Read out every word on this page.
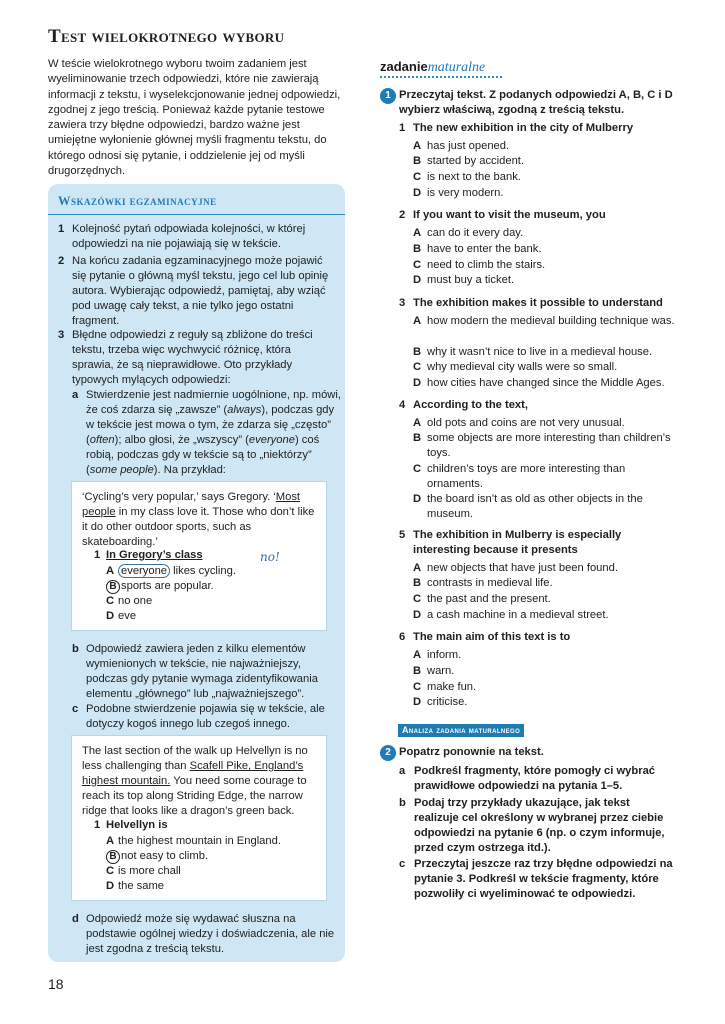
Test wielokrotnego wyboru

W teście wielokrotnego wyboru twoim zadaniem jest wyeliminowanie trzech odpowiedzi, które nie zawierają informacji z tekstu, i wyselekcjonowanie jednej odpowiedzi, zgodnej z jego treścią. Ponieważ każde pytanie testowe zawiera trzy błędne odpowiedzi, bardzo ważne jest umiejętne wyłonienie głównej myśli fragmentu tekstu, do którego odnosi się pytanie, i oddzielenie jej od myśli drugorzędnych.

Wskazówki egzaminacyjne
1 Kolejność pytań odpowiada kolejności, w której odpowiedzi na nie pojawiają się w tekście.
2 Na końcu zadania egzaminacyjnego może pojawić się pytanie o główną myśl tekstu, jego cel lub opinię autora. Wybierając odpowiedź, pamiętaj, aby wziąć pod uwagę cały tekst, a nie tylko jego ostatni fragment.
3 Błędne odpowiedzi z reguły są zbliżone do treści tekstu, trzeba więc wychwycić różnicę, która sprawia, że są nieprawidłowe. Oto przykłady typowych mylących odpowiedzi:
a Stwierdzenie jest nadmiernie uogólnione, np. mówi, że coś zdarza się „zawsze” (always), podczas gdy w tekście jest mowa o tym, że zdarza się „często” (often); albo głosi, że „wszyscy” (everyone) coś robią, podczas gdy w tekście są to „niektórzy” (some people). Na przykład:
‘Cycling’s very popular,’ says Gregory. ‘Most people in my class love it. Those who don’t like it do other outdoor sports, such as skateboarding.’
1 In Gregory’s class	no!
A everyone likes cycling.
B sports are popular.
C no one
D eve
b Odpowiedź zawiera jeden z kilku elementów wymienionych w tekście, nie najważniejszy, podczas gdy pytanie wymaga zidentyfikowania elementu „głównego” lub „najważniejszego”.
c Podobne stwierdzenie pojawia się w tekście, ale dotyczy kogoś innego lub czegoś innego.
The last section of the walk up Helvellyn is no less challenging than Scafell Pike, England’s highest mountain. You need some courage to reach its top along Striding Edge, the narrow ridge that looks like a dragon’s green back.
1 Helvellyn is
A the highest mountain in England.
B not easy to climb.
C is more chall
D the same
d Odpowiedź może się wydawać słuszna na podstawie ogólnej wiedzy i doświadczenia, ale nie jest zgodna z treścią tekstu.
zadaniematuralne
1 Przeczytaj tekst. Z podanych odpowiedzi A, B, C i D wybierz właściwą, zgodną z treścią tekstu.
1 The new exhibition in the city of Mulberry
A has just opened.
B started by accident.
C is next to the bank.
D is very modern.
2 If you want to visit the museum, you
A can do it every day.
B have to enter the bank.
C need to climb the stairs.
D must buy a ticket.
3 The exhibition makes it possible to understand
A how modern the medieval building technique was.
B why it wasn’t nice to live in a medieval house.
C why medieval city walls were so small.
D how cities have changed since the Middle Ages.
4 According to the text,
A old pots and coins are not very unusual.
B some objects are more interesting than children’s toys.
C children’s toys are more interesting than ornaments.
D the board isn’t as old as other objects in the museum.
5 The exhibition in Mulberry is especially interesting because it presents
A new objects that have just been found.
B contrasts in medieval life.
C the past and the present.
D a cash machine in a medieval street.
6 The main aim of this text is to
A inform.
B warn.
C make fun.
D criticise.
Analiza zadania maturalnego
2 Popatrz ponownie na tekst.
a Podkreśl fragmenty, które pomogły ci wybrać prawidłowe odpowiedzi na pytania 1–5.
b Podaj trzy przykłady ukazujące, jak tekst realizuje cel określony w wybranej przez ciebie odpowiedzi na pytanie 6 (np. o czym informuje, przed czym ostrzega itd.).
c Przeczytaj jeszcze raz trzy błędne odpowiedzi na pytanie 3. Podkreśl w tekście fragmenty, które pozwoliły ci wyeliminować te odpowiedzi.
18
